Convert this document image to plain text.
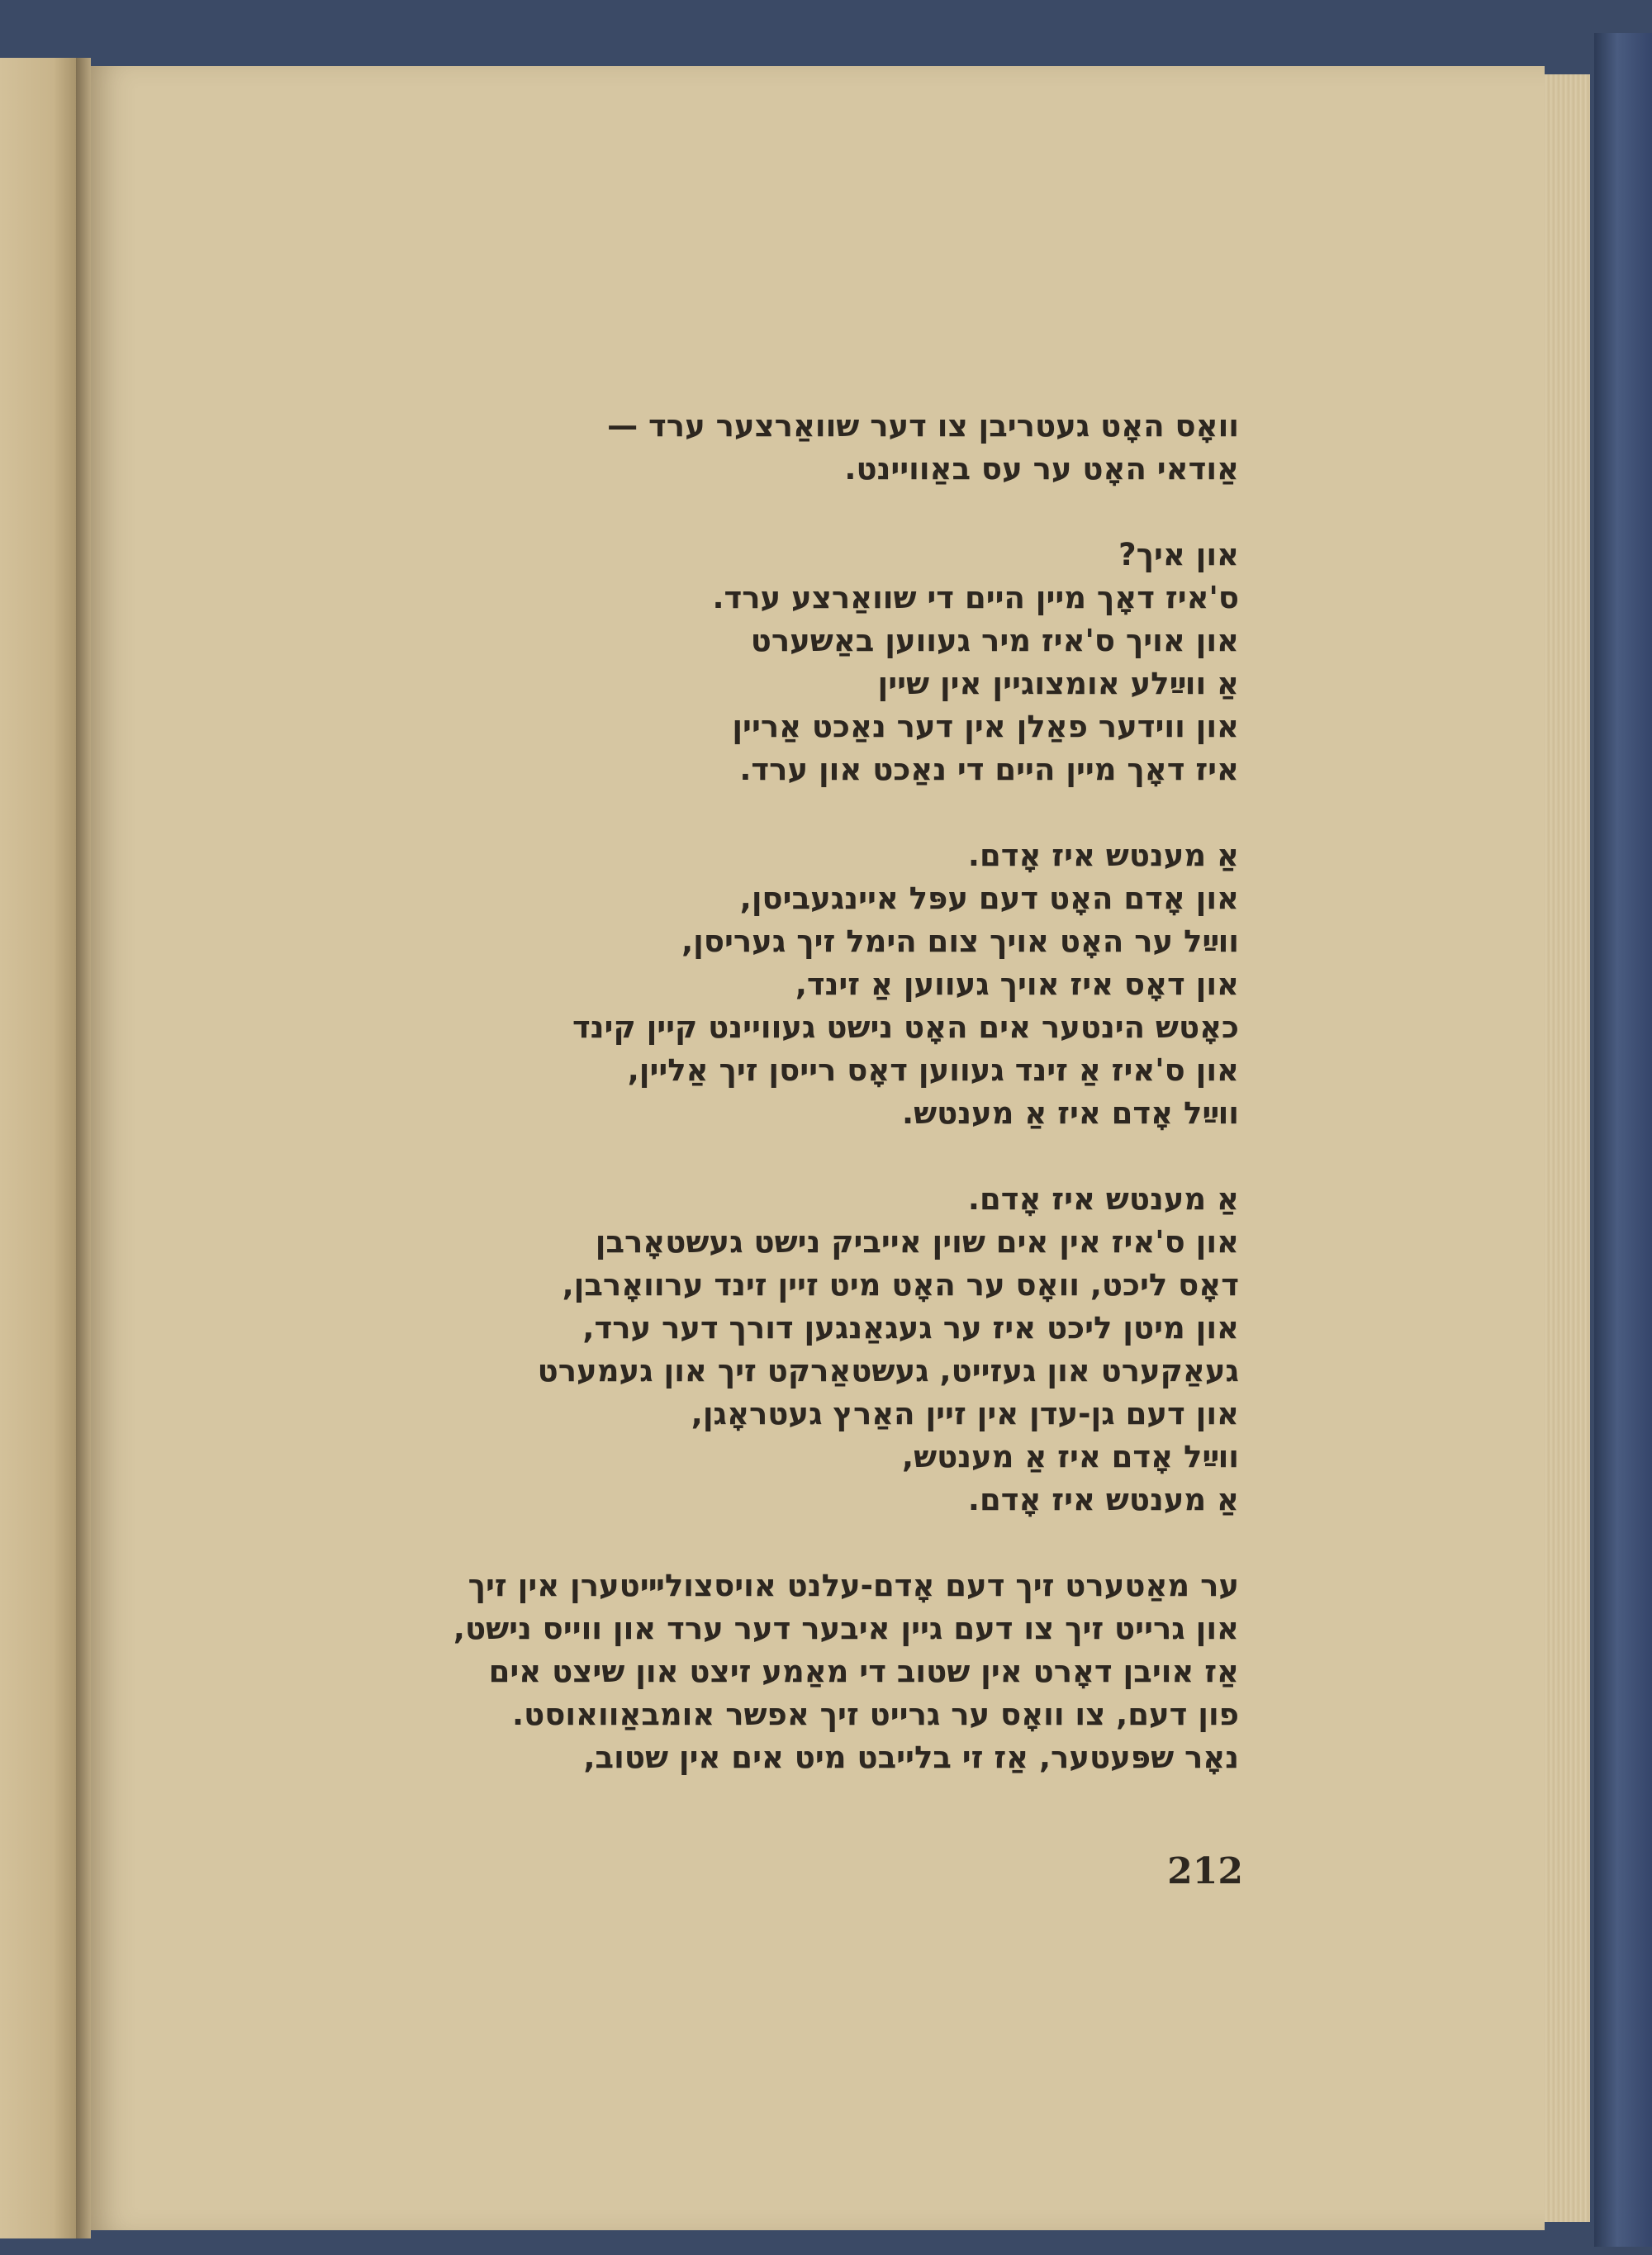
וואָס האָט געטריבן צו דער שוואַרצער ערד —
אַודאי האָט ער עס באַוויינט.
און איך?
ס'איז דאָך מיין היים די שוואַרצע ערד.
און אויך ס'איז מיר געווען באַשערט
אַ ווײַלע אומצוגיין אין שיין
און ווידער פאַלן אין דער נאַכט אַריין
איז דאָך מיין היים די נאַכט און ערד.
אַ מענטש איז אָדם.
און אָדם האָט דעם עפּל איינגעביסן,
ווײַל ער האָט אויך צום הימל זיך געריסן,
און דאָס איז אויך געווען אַ זינד,
כאָטש הינטער אים האָט נישט געוויינט קיין קינד
און ס'איז אַ זינד געווען דאָס רייסן זיך אַליין,
ווײַל אָדם איז אַ מענטש.
אַ מענטש איז אָדם.
און ס'איז אין אים שוין אייביק נישט געשטאָרבן
דאָס ליכט, וואָס ער האָט מיט זיין זינד ערוואָרבן,
און מיטן ליכט איז ער געגאַנגען דורך דער ערד,
געאַקערט און געזייט, געשטאַרקט זיך און געמערט
און דעם גן-עדן אין זיין האַרץ געטראָגן,
ווײַל אָדם איז אַ מענטש,
אַ מענטש איז אָדם.
ער מאַטערט זיך דעם אָדם-עלנט אויסצוליײטערן אין זיך
און גרייט זיך צו דעם גיין איבער דער ערד און ווייס נישט,
אַז אויבן דאָרט אין שטוב די מאַמע זיצט און שיצט אים
פון דעם, צו וואָס ער גרייט זיך אפשר אומבאַוואוסט.
נאָר שפּעטער, אַז זי בלייבט מיט אים אין שטוב,
212
